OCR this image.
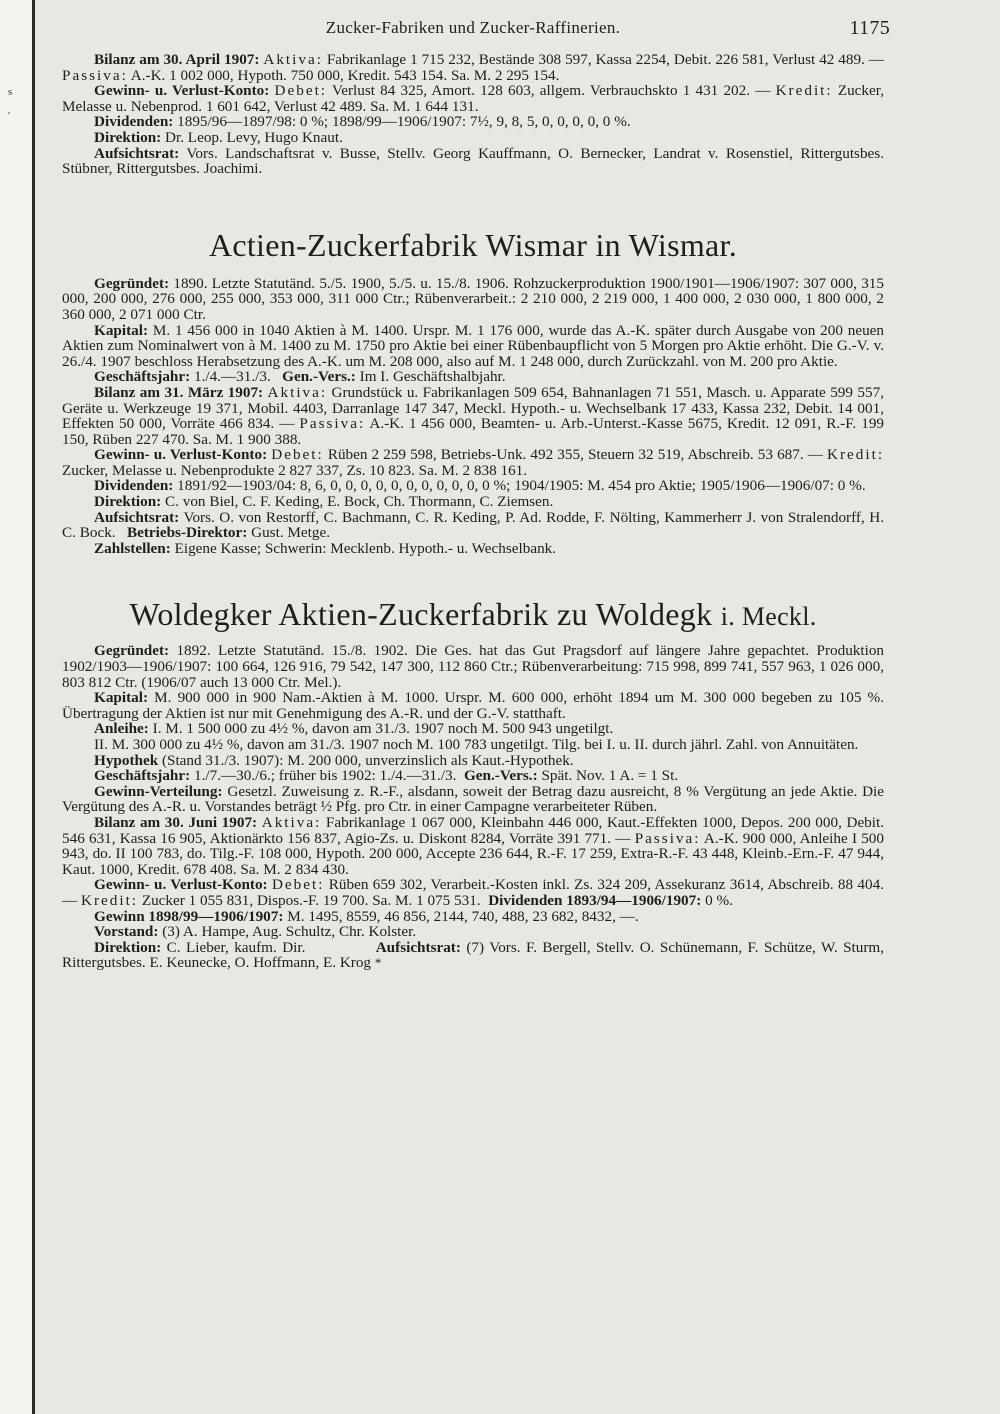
s
'
Zucker-Fabriken und Zucker-Raffinerien.	1175

Bilanz am 30. April 1907: Aktiva: Fabrikanlage 1 715 232, Bestände 308 597, Kassa 2254, Debit. 226 581, Verlust 42 489. — Passiva: A.-K. 1 002 000, Hypoth. 750 000, Kredit. 543 154. Sa. M. 2 295 154.

Gewinn- u. Verlust-Konto: Debet: Verlust 84 325, Amort. 128 603, allgem. Verbrauchskto 1 431 202. — Kredit: Zucker, Melasse u. Nebenprod. 1 601 642, Verlust 42 489. Sa. M. 1 644 131.

Dividenden: 1895/96—1897/98: 0 %; 1898/99—1906/1907: 7½, 9, 8, 5, 0, 0, 0, 0, 0 %.

Direktion: Dr. Leop. Levy, Hugo Knaut.

Aufsichtsrat: Vors. Landschaftsrat v. Busse, Stellv. Georg Kauffmann, O. Bernecker, Landrat v. Rosenstiel, Rittergutsbes. Stübner, Rittergutsbes. Joachimi.

Actien-Zuckerfabrik Wismar in Wismar.

Gegründet: 1890. Letzte Statutänd. 5./5. 1900, 5./5. u. 15./8. 1906. Rohzuckerproduktion 1900/1901—1906/1907: 307 000, 315 000, 200 000, 276 000, 255 000, 353 000, 311 000 Ctr.; Rübenverarbeit.: 2 210 000, 2 219 000, 1 400 000, 2 030 000, 1 800 000, 2 360 000, 2 071 000 Ctr.

Kapital: M. 1 456 000 in 1040 Aktien à M. 1400. Urspr. M. 1 176 000, wurde das A.-K. später durch Ausgabe von 200 neuen Aktien zum Nominalwert von à M. 1400 zu M. 1750 pro Aktie bei einer Rübenbaupflicht von 5 Morgen pro Aktie erhöht. Die G.-V. v. 26./4. 1907 beschloss Herabsetzung des A.-K. um M. 208 000, also auf M. 1 248 000, durch Zurückzahl. von M. 200 pro Aktie.

Geschäftsjahr: 1./4.—31./3. Gen.-Vers.: Im I. Geschäftshalbjahr.

Bilanz am 31. März 1907: Aktiva: Grundstück u. Fabrikanlagen 509 654, Bahnanlagen 71 551, Masch. u. Apparate 599 557, Geräte u. Werkzeuge 19 371, Mobil. 4403, Darranlage 147 347, Meckl. Hypoth.- u. Wechselbank 17 433, Kassa 232, Debit. 14 001, Effekten 50 000, Vorräte 466 834. — Passiva: A.-K. 1 456 000, Beamten- u. Arb.-Unterst.-Kasse 5675, Kredit. 12 091, R.-F. 199 150, Rüben 227 470. Sa. M. 1 900 388.

Gewinn- u. Verlust-Konto: Debet: Rüben 2 259 598, Betriebs-Unk. 492 355, Steuern 32 519, Abschreib. 53 687. — Kredit: Zucker, Melasse u. Nebenprodukte 2 827 337, Zs. 10 823. Sa. M. 2 838 161.

Dividenden: 1891/92—1903/04: 8, 6, 0, 0, 0, 0, 0, 0, 0, 0, 0, 0, 0 %; 1904/1905: M. 454 pro Aktie; 1905/1906—1906/07: 0 %.

Direktion: C. von Biel, C. F. Keding, E. Bock, Ch. Thormann, C. Ziemsen.

Aufsichtsrat: Vors. O. von Restorff, C. Bachmann, C. R. Keding, P. Ad. Rodde, F. Nölting, Kammerherr J. von Stralendorff, H. C. Bock. Betriebs-Direktor: Gust. Metge.

Zahlstellen: Eigene Kasse; Schwerin: Mecklenb. Hypoth.- u. Wechselbank.

Woldegker Aktien-Zuckerfabrik zu Woldegk i. Meckl.

Gegründet: 1892. Letzte Statutänd. 15./8. 1902. Die Ges. hat das Gut Pragsdorf auf längere Jahre gepachtet. Produktion 1902/1903—1906/1907: 100 664, 126 916, 79 542, 147 300, 112 860 Ctr.; Rübenverarbeitung: 715 998, 899 741, 557 963, 1 026 000, 803 812 Ctr. (1906/07 auch 13 000 Ctr. Mel.).

Kapital: M. 900 000 in 900 Nam.-Aktien à M. 1000. Urspr. M. 600 000, erhöht 1894 um M. 300 000 begeben zu 105 %. Übertragung der Aktien ist nur mit Genehmigung des A.-R. und der G.-V. statthaft.

Anleihe: I. M. 1 500 000 zu 4½ %, davon am 31./3. 1907 noch M. 500 943 ungetilgt.

II. M. 300 000 zu 4½ %, davon am 31./3. 1907 noch M. 100 783 ungetilgt. Tilg. bei I. u. II. durch jährl. Zahl. von Annuitäten.

Hypothek (Stand 31./3. 1907): M. 200 000, unverzinslich als Kaut.-Hypothek.

Geschäftsjahr: 1./7.—30./6.; früher bis 1902: 1./4.—31./3. Gen.-Vers.: Spät. Nov. 1 A. = 1 St.

Gewinn-Verteilung: Gesetzl. Zuweisung z. R.-F., alsdann, soweit der Betrag dazu ausreicht, 8 % Vergütung an jede Aktie. Die Vergütung des A.-R. u. Vorstandes beträgt ½ Pfg. pro Ctr. in einer Campagne verarbeiteter Rüben.

Bilanz am 30. Juni 1907: Aktiva: Fabrikanlage 1 067 000, Kleinbahn 446 000, Kaut.-Effekten 1000, Depos. 200 000, Debit. 546 631, Kassa 16 905, Aktionärkto 156 837, Agio-Zs. u. Diskont 8284, Vorräte 391 771. — Passiva: A.-K. 900 000, Anleihe I 500 943, do. II 100 783, do. Tilg.-F. 108 000, Hypoth. 200 000, Accepte 236 644, R.-F. 17 259, Extra-R.-F. 43 448, Kleinb.-Ern.-F. 47 944, Kaut. 1000, Kredit. 678 408. Sa. M. 2 834 430.

Gewinn- u. Verlust-Konto: Debet: Rüben 659 302, Verarbeit.-Kosten inkl. Zs. 324 209, Assekuranz 3614, Abschreib. 88 404. — Kredit: Zucker 1 055 831, Dispos.-F. 19 700. Sa. M. 1 075 531. Dividenden 1893/94—1906/1907: 0 %.

Gewinn 1898/99—1906/1907: M. 1495, 8559, 46 856, 2144, 740, 488, 23 682, 8432, —.

Vorstand: (3) A. Hampe, Aug. Schultz, Chr. Kolster.

Direktion: C. Lieber, kaufm. Dir.	Aufsichtsrat: (7) Vors. F. Bergell, Stellv. O. Schünemann, F. Schütze, W. Sturm, Rittergutsbes. E. Keunecke, O. Hoffmann, E. Krog *
